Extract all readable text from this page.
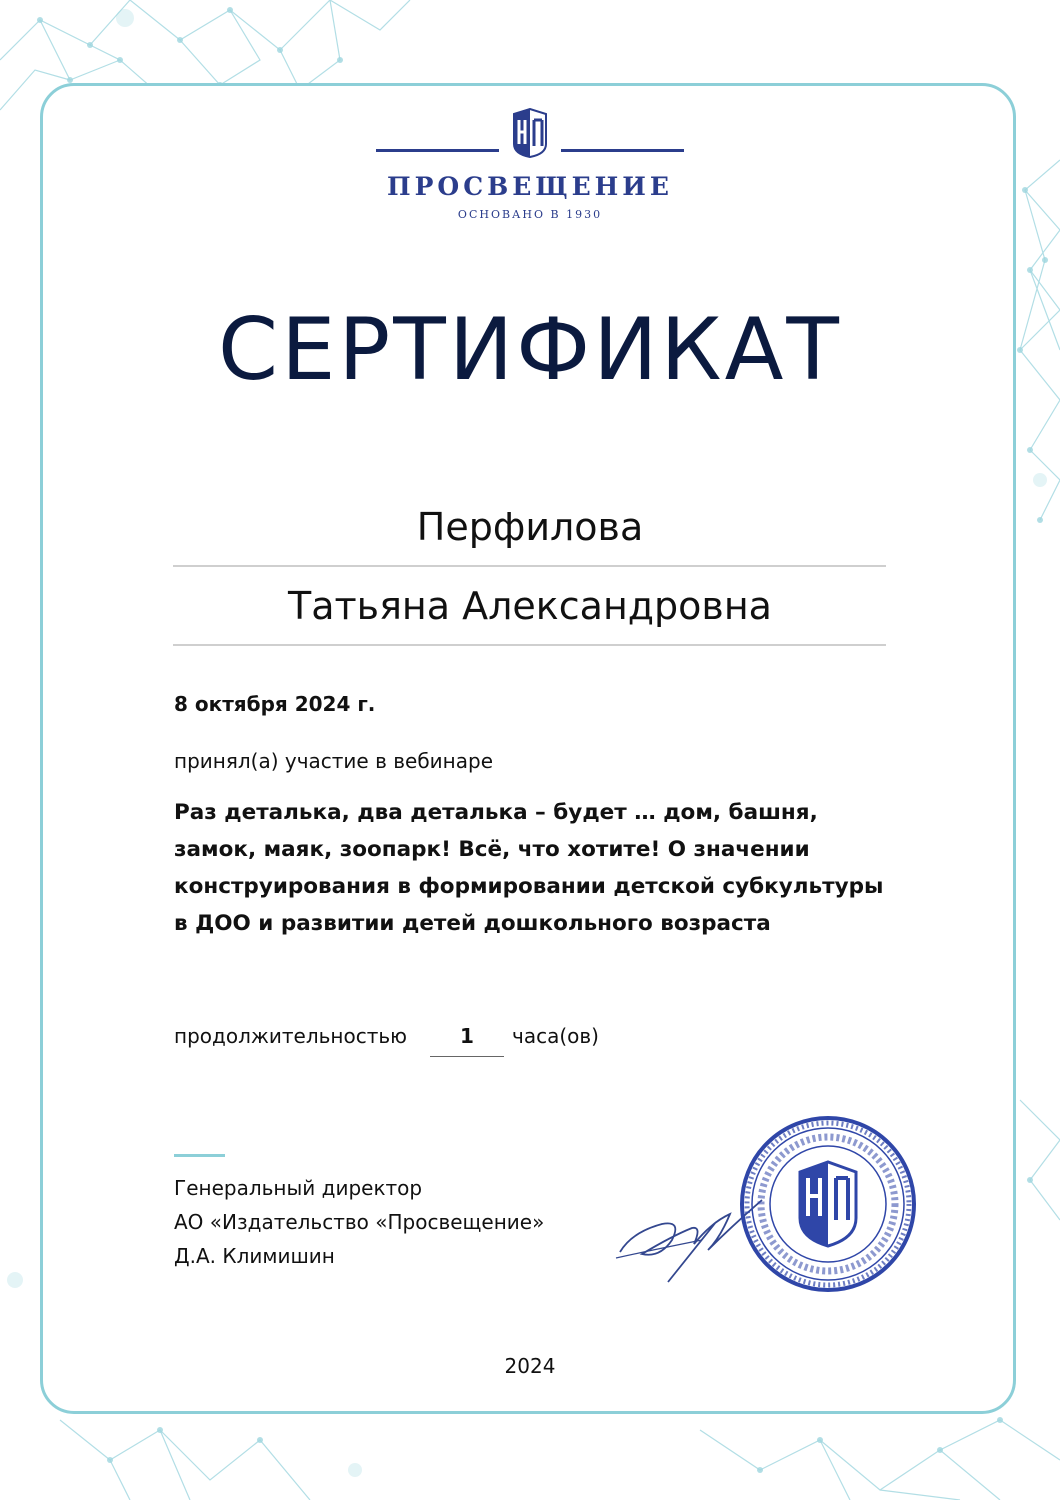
ПРОСВЕЩЕНИЕ
ОСНОВАНО В 1930
СЕРТИФИКАТ
Перфилова
Татьяна Александровна
8 октября 2024 г.
принял(а) участие в вебинаре
Раз деталька, два деталька – будет … дом, башня, замок, маяк, зоопарк! Всё, что хотите! О значении конструирования в формировании детской субкультуры в ДОО и развитии детей дошкольного возраста
продолжительностью	1	часа(ов)
Генеральный директор
АО «Издательство «Просвещение»
Д.А. Климишин
2024
